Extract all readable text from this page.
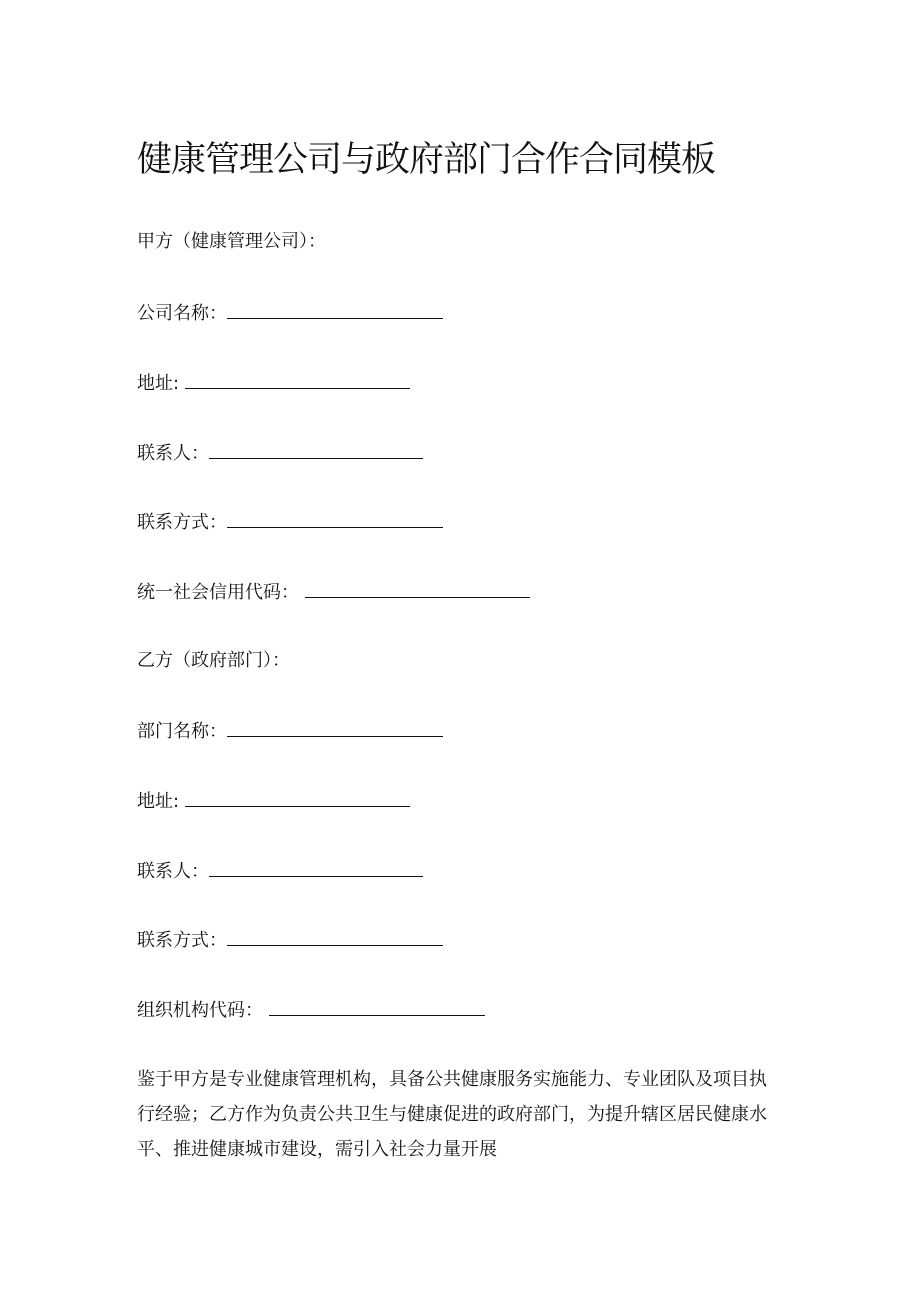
健康管理公司与政府部门合作合同模板
甲方（健康管理公司）：
公司名称：
地址:
联系人：
联系方式：
统一社会信用代码：
乙方（政府部门）：
部门名称：
地址:
联系人：
联系方式：
组织机构代码：

鉴于甲方是专业健康管理机构，具备公共健康服务实施能力、专业团队及项目执行经验；乙方作为负责公共卫生与健康促进的政府部门，为提升辖区居民健康水平、推进健康城市建设，需引入社会力量开展
